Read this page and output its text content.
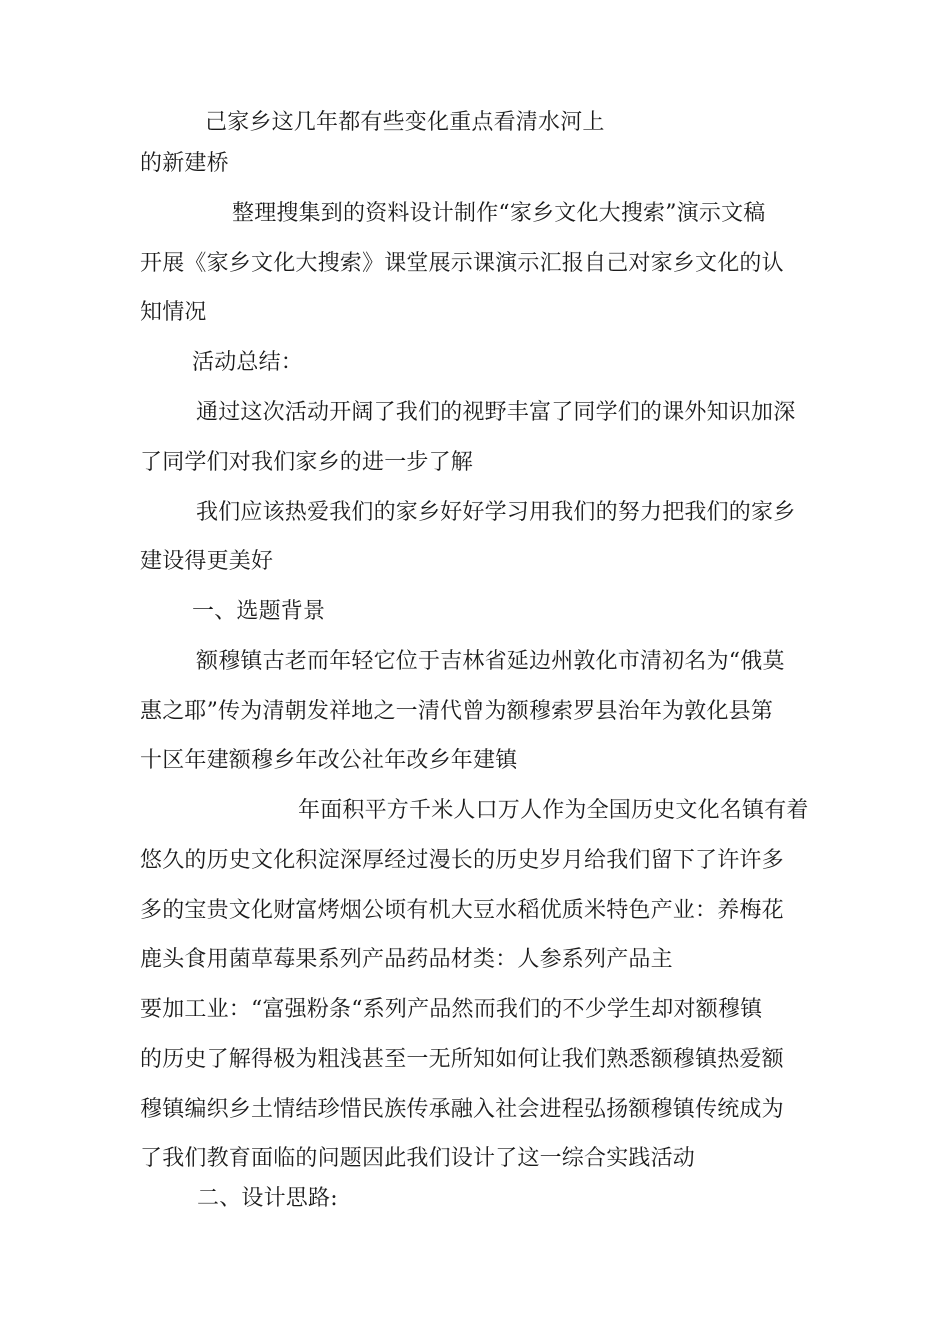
己家乡这几年都有些变化重点看清水河上
的新建桥
整理搜集到的资料设计制作“家乡文化大搜索”演示文稿
开展《家乡文化大搜索》课堂展示课演示汇报自己对家乡文化的认
知情况
活动总结：
通过这次活动开阔了我们的视野丰富了同学们的课外知识加深
了同学们对我们家乡的进一步了解
我们应该热爱我们的家乡好好学习用我们的努力把我们的家乡
建设得更美好
一、选题背景
额穆镇古老而年轻它位于吉林省延边州敦化市清初名为“俄莫
惠之耶”传为清朝发祥地之一清代曾为额穆索罗县治年为敦化县第
十区年建额穆乡年改公社年改乡年建镇
年面积平方千米人口万人作为全国历史文化名镇有着
悠久的历史文化积淀深厚经过漫长的历史岁月给我们留下了许许多
多的宝贵文化财富烤烟公顷有机大豆水稻优质米特色产业：养梅花
鹿头食用菌草莓果系列产品药品材类：人参系列产品主
要加工业：“富强粉条“系列产品然而我们的不少学生却对额穆镇
的历史了解得极为粗浅甚至一无所知如何让我们熟悉额穆镇热爱额
穆镇编织乡土情结珍惜民族传承融入社会进程弘扬额穆镇传统成为
了我们教育面临的问题因此我们设计了这一综合实践活动
二、设计思路:
